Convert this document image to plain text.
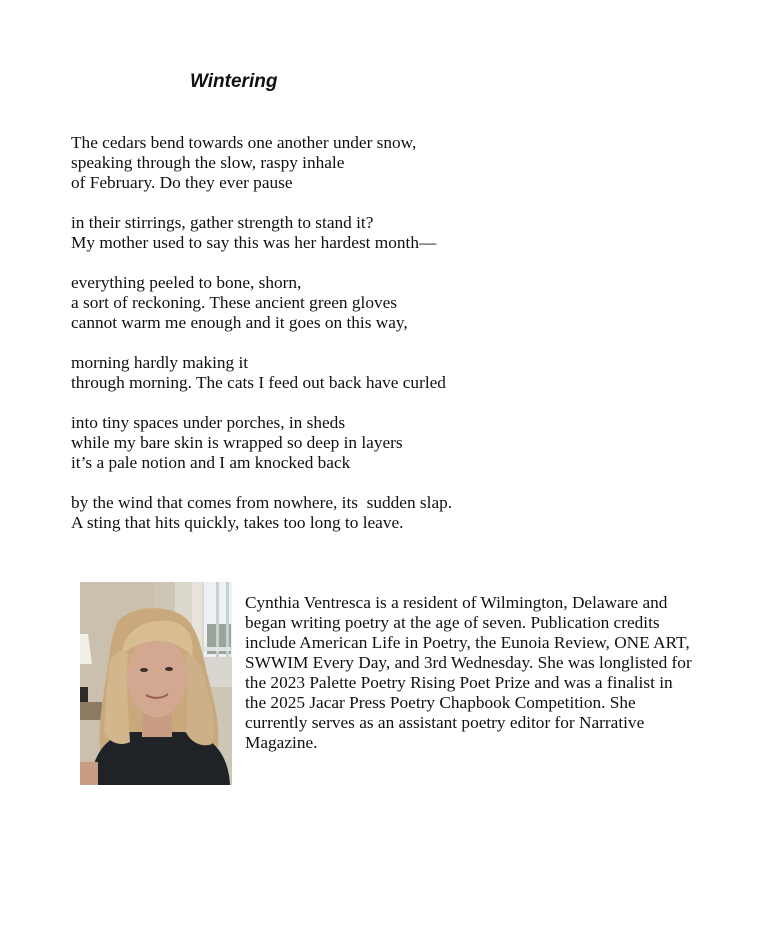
Wintering
The cedars bend towards one another under snow,
speaking through the slow, raspy inhale
of February. Do they ever pause
in their stirrings, gather strength to stand it?
My mother used to say this was her hardest month—
everything peeled to bone, shorn,
a sort of reckoning. These ancient green gloves
cannot warm me enough and it goes on this way,
morning hardly making it
through morning. The cats I feed out back have curled
into tiny spaces under porches, in sheds
while my bare skin is wrapped so deep in layers
it’s a pale notion and I am knocked back
by the wind that comes from nowhere, its  sudden slap.
A sting that hits quickly, takes too long to leave.

Cynthia Ventresca is a resident of Wilmington, Delaware and began writing poetry at the age of seven. Publication credits include American Life in Poetry, the Eunoia Review, ONE ART, SWWIM Every Day, and 3rd Wednesday. She was longlisted for the 2023 Palette Poetry Rising Poet Prize and was a finalist in the 2025 Jacar Press Poetry Chapbook Competition. She currently serves as an assistant poetry editor for Narrative Magazine.
